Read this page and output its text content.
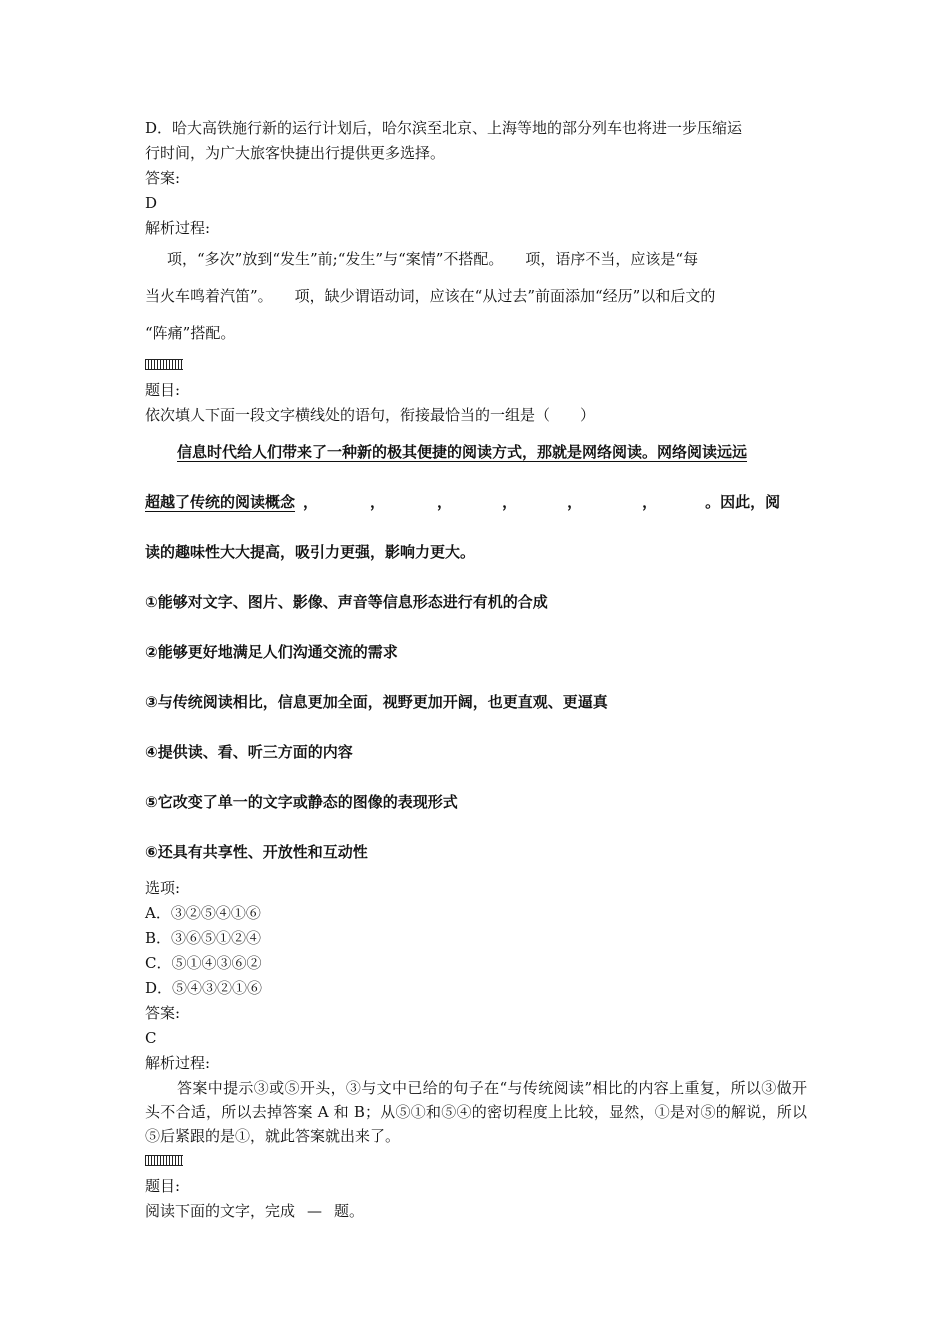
D．哈大高铁施行新的运行计划后，哈尔滨至北京、上海等地的部分列车也将进一步压缩运
行时间，为广大旅客快捷出行提供更多选择。
答案:
D
解析过程:
项，“多次”放到“发生”前;“发生”与“案情”不搭配。 项，语序不当，应该是“每
当火车鸣着汽笛”。 项，缺少谓语动词，应该在“从过去”前面添加“经历”以和后文的
“阵痛”搭配。
题目:
依次填人下面一段文字横线处的语句，衔接最恰当的一组是（　　）
信息时代给人们带来了一种新的极其便捷的阅读方式，那就是网络阅读。网络阅读远远
超越了传统的阅读概念 ，	，	，	，	，	，	。因此，阅
读的趣味性大大提高，吸引力更强，影响力更大。
①能够对文字、图片、影像、声音等信息形态进行有机的合成
②能够更好地满足人们沟通交流的需求
③与传统阅读相比，信息更加全面，视野更加开阔，也更直观、更逼真
④提供读、看、听三方面的内容
⑤它改变了单一的文字或静态的图像的表现形式
⑥还具有共享性、开放性和互动性
选项:
A．③②⑤④①⑥
B．③⑥⑤①②④
C．⑤①④③⑥②
D．⑤④③②①⑥
答案:
C
解析过程:
答案中提示③或⑤开头，③与文中已给的句子在“与传统阅读”相比的内容上重复，所以③做开头不合适，所以去掉答案 A 和 B；从⑤①和⑤④的密切程度上比较，显然，①是对⑤的解说，所以⑤后紧跟的是①，就此答案就出来了。
题目:
阅读下面的文字，完成 — 题。
